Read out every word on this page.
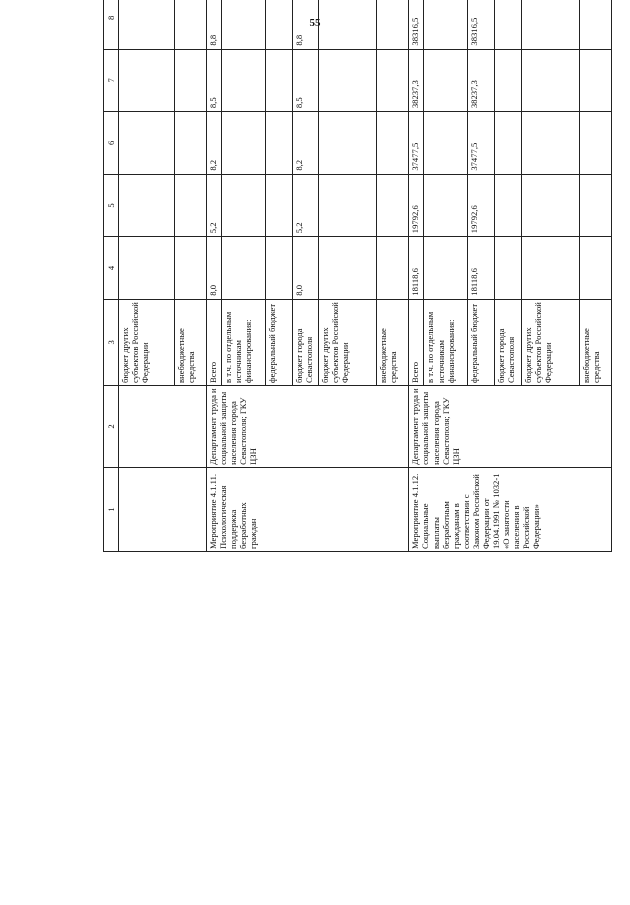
55
1	2	3	4	5	6	7	8				
		бюджет других субъектов Российской Федерации									
		внебюджетные средства									
Мероприятие 4.1.11. Психологическая поддержка безработных граждан	Департамент труда и социальной защиты населения города Севастополя; ГКУ ЦЗН	Всего	8,0	5,2	8,2	8,5	8,8				
		в т.ч. по отдельным источникам финансирования:									
		федеральный бюджет									
		бюджет города Севастополя	8,0	5,2	8,2	8,5	8,8				
		бюджет других субъектов Российской Федерации									
		внебюджетные средства									
Мероприятие 4.1.12. Социальные выплаты безработным гражданам в соответствии с Законом Российской Федерации от 19.04.1991 № 1032-1 «О занятости населения в Российской Федерации»	Департамент труда и социальной защиты населения города Севастополя; ГКУ ЦЗН	Всего	18118,6	19792,6	37477,5	38237,3	38316,5				
		в т.ч. по отдельным источникам финансирования:									
		федеральный бюджет	18118,6	19792,6	37477,5	38237,3	38316,5				
		бюджет города Севастополя									
		бюджет других субъектов Российской Федерации									
		внебюджетные средства									
